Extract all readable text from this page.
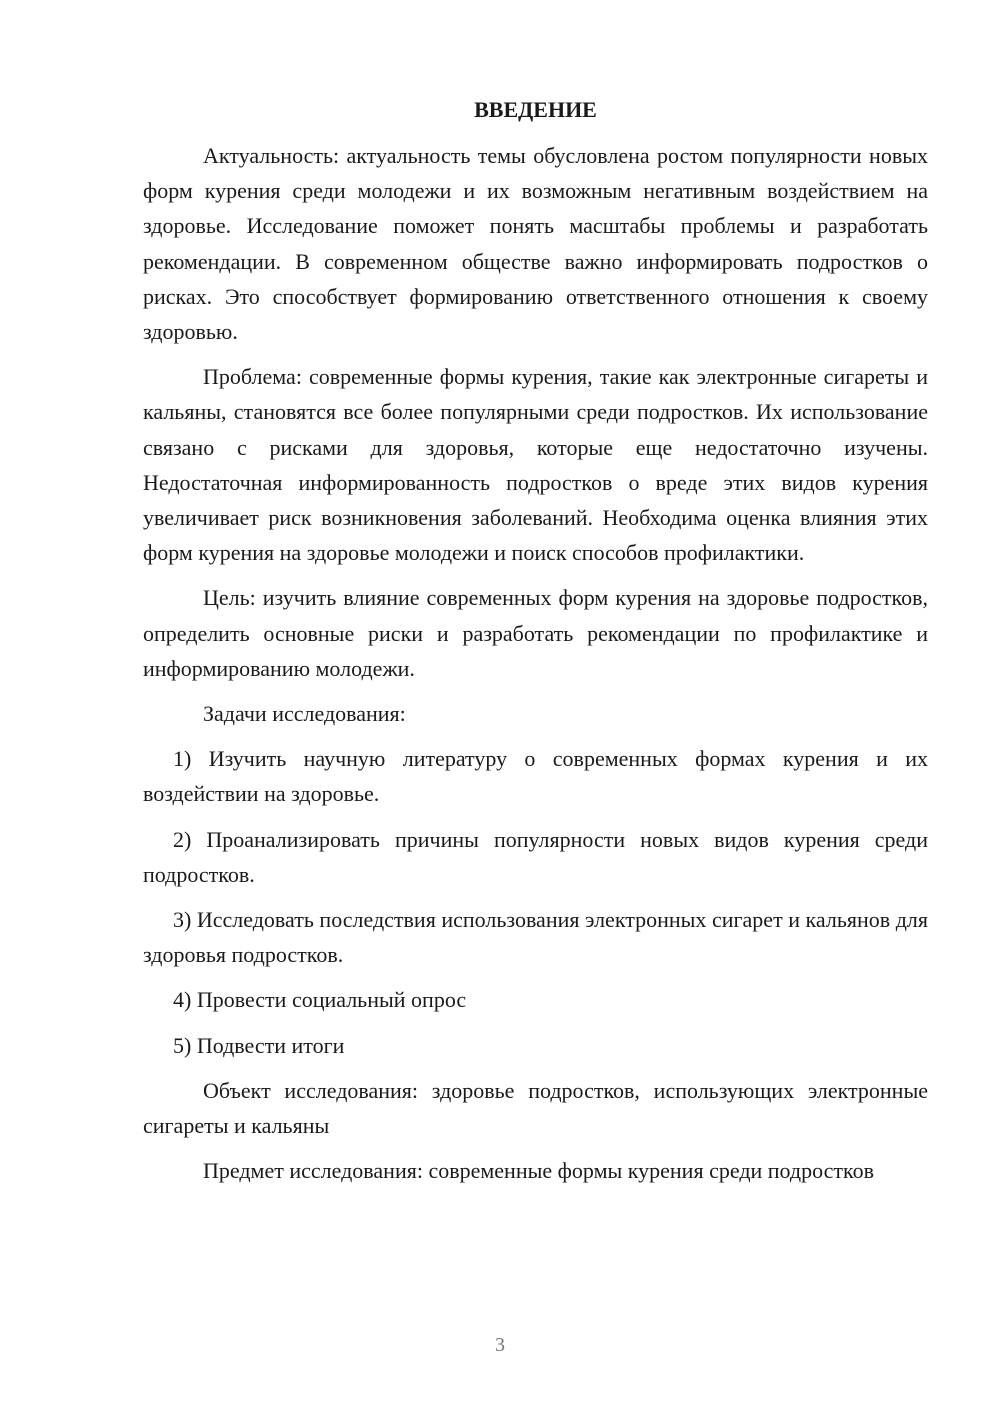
ВВЕДЕНИЕ

Актуальность: актуальность темы обусловлена ростом популярности новых форм курения среди молодежи и их возможным негативным воздействием на здоровье. Исследование поможет понять масштабы проблемы и разработать рекомендации. В современном обществе важно информировать подростков о рисках. Это способствует формированию ответственного отношения к своему здоровью.

Проблема: современные формы курения, такие как электронные сигареты и кальяны, становятся все более популярными среди подростков. Их использование связано с рисками для здоровья, которые еще недостаточно изучены. Недостаточная информированность подростков о вреде этих видов курения увеличивает риск возникновения заболеваний. Необходима оценка влияния этих форм курения на здоровье молодежи и поиск способов профилактики.

Цель: изучить влияние современных форм курения на здоровье подростков, определить основные риски и разработать рекомендации по профилактике и информированию молодежи.

Задачи исследования:

1) Изучить научную литературу о современных формах курения и их воздействии на здоровье.

2) Проанализировать причины популярности новых видов курения среди подростков.

3) Исследовать последствия использования электронных сигарет и кальянов для здоровья подростков.

4) Провести социальный опрос

5) Подвести итоги

Объект исследования: здоровье подростков, использующих электронные сигареты и кальяны

Предмет исследования: современные формы курения среди подростков

3
